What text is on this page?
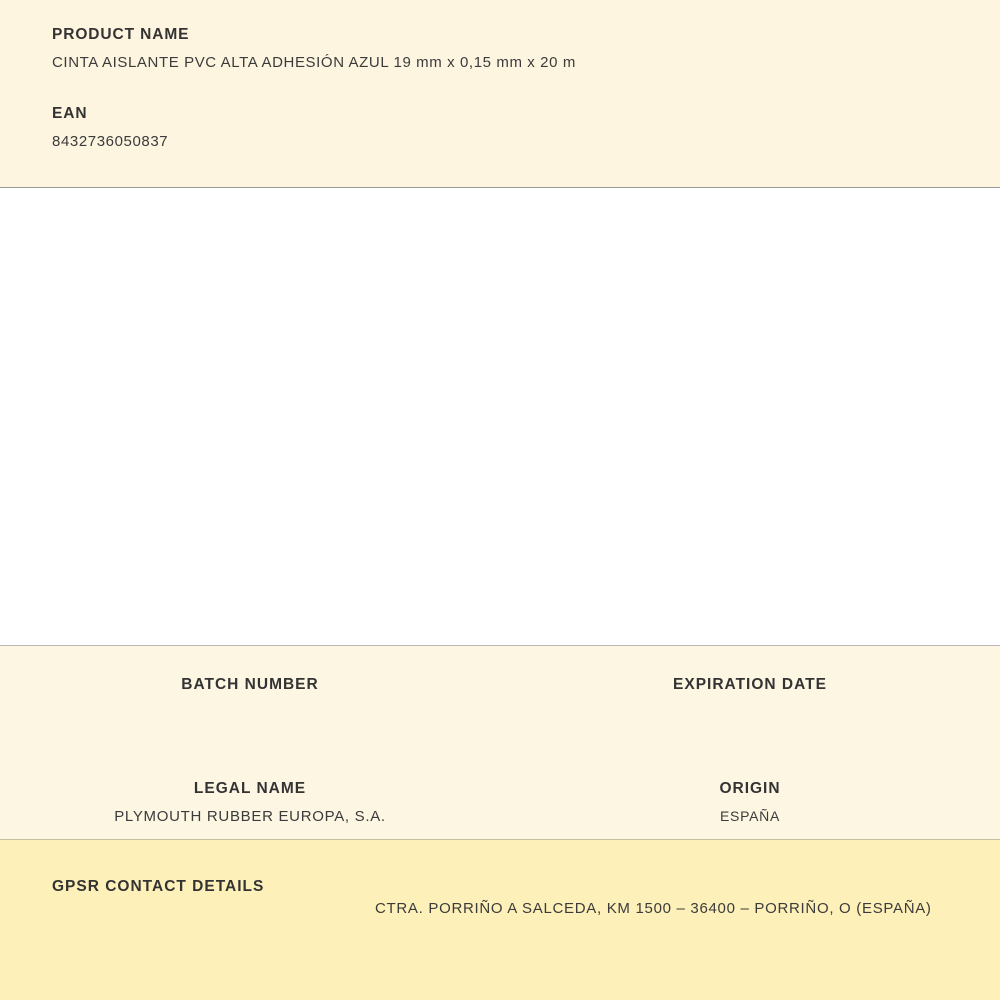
PRODUCT NAME
CINTA AISLANTE PVC ALTA ADHESIÓN AZUL 19 mm x 0,15 mm x 20 m
EAN
8432736050837
BATCH NUMBER	EXPIRATION DATE
LEGAL NAME
PLYMOUTH RUBBER EUROPA, S.A.
ORIGIN
ESPAÑA
GPSR CONTACT DETAILS
CTRA. PORRIÑO A SALCEDA, KM 1500 – 36400 – PORRIÑO, O (ESPAÑA)
